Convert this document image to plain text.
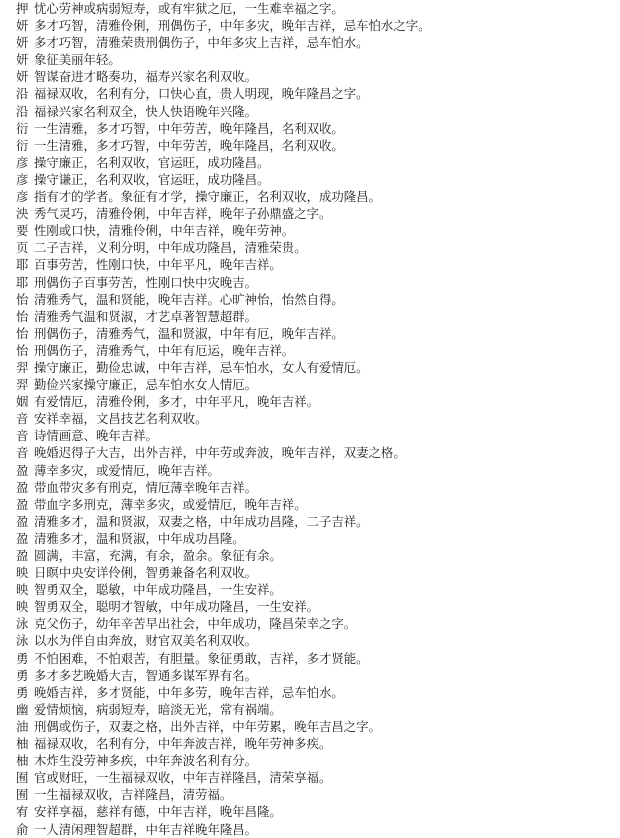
押 忧心劳神或病弱短寿，或有牢狱之厄，一生难幸福之字。
妍 多才巧智，清雅伶俐，刑偶伤子，中年多灾，晚年吉祥，忌车怕水之字。
妍 多才巧智，清雅荣贵刑偶伤子，中年多灾上吉祥，忌车怕水。
妍 象征美丽年轻。
妍 智谋奋进才略奏功，福寿兴家名利双收。
沿 福禄双收，名利有分，口快心直，贵人明现，晚年隆昌之字。
沿 福禄兴家名利双全，快人快语晚年兴隆。
衍 一生清雅，多才巧智，中年劳苦，晚年隆昌，名利双收。
衍 一生清雅，多才巧智，中年劳苦，晚年隆昌，名利双收。
彦 操守廉正，名利双收，官运旺，成功隆昌。
彦 操守谦正，名利双收，官运旺，成功隆昌。
彦 指有才的学者。象征有才学，操守廉正，名利双收，成功隆昌。
泱 秀气灵巧，清雅伶俐，中年吉祥，晚年子孙鼎盛之字。
要 性刚或口快，清雅伶俐，中年吉祥，晚年劳神。
页 二子吉祥，义利分明，中年成功隆昌，清雅荣贵。
耶 百事劳苦，性刚口快，中年平凡，晚年吉祥。
耶 刑偶伤子百事劳苦，性刚口快中灾晚吉。
怡 清雅秀气，温和贤能，晚年吉祥。心旷神怡，怡然自得。
怡 清雅秀气温和贤淑，才艺卓著智慧超群。
怡 刑偶伤子，清雅秀气，温和贤淑，中年有厄，晚年吉祥。
怡 刑偶伤子，清雅秀气，中年有厄运，晚年吉祥。
羿 操守廉正，勤俭忠诚，中年吉祥，忌车怕水，女人有爱情厄。
羿 勤俭兴家操守廉正，忌车怕水女人情厄。
姻 有爱情厄，清雅伶俐，多才，中年平凡，晚年吉祥。
音 安祥幸福，文昌技艺名利双收。
音 诗情画意、晚年吉祥。
音 晚婚迟得子大吉，出外吉祥，中年劳或奔波，晚年吉祥，双妻之格。
盈 薄幸多灾，或爱情厄，晚年吉祥。
盈 带血带灾多有刑克，情厄薄幸晚年吉祥。
盈 带血字多刑克，薄幸多灾，或爱情厄，晚年吉祥。
盈 清雅多才，温和贤淑，双妻之格，中年成功昌隆，二子吉祥。
盈 清雅多才，温和贤淑，中年成功昌隆。
盈 圆满，丰富，充满，有余，盈余。象征有余。
映 日瞑中央安详伶俐，智勇兼备名利双收。
映 智勇双全，聪敏，中年成功隆昌，一生安祥。
映 智勇双全，聪明才智敏，中年成功隆昌，一生安祥。
泳 克父伤子，幼年辛苦早出社会，中年成功，隆昌荣幸之字。
泳 以水为伴自由奔放，财官双美名利双收。
勇 不怕困难，不怕艰苦，有胆量。象征勇敢，吉祥，多才贤能。
勇 多才多艺晚婚大吉，智通多谋军界有名。
勇 晚婚吉祥，多才贤能，中年多劳，晚年吉祥，忌车怕水。
幽 爱情烦恼，病弱短寿，暗淡无光，常有祸端。
油 刑偶或伤子，双妻之格，出外吉祥，中年劳累，晚年吉昌之字。
柚 福禄双收，名利有分，中年奔波吉祥，晚年劳神多疾。
柚 木炸生没劳神多疾，中年奔波名利有分。
囿 官或财旺，一生福禄双收，中年吉祥隆昌，清荣享福。
囿 一生福禄双收，吉祥隆昌，清劳福。
宥 安祥享福，慈祥有德，中年吉祥，晚年昌隆。
俞 一人清闲理智超群，中年吉祥晚年隆昌。
